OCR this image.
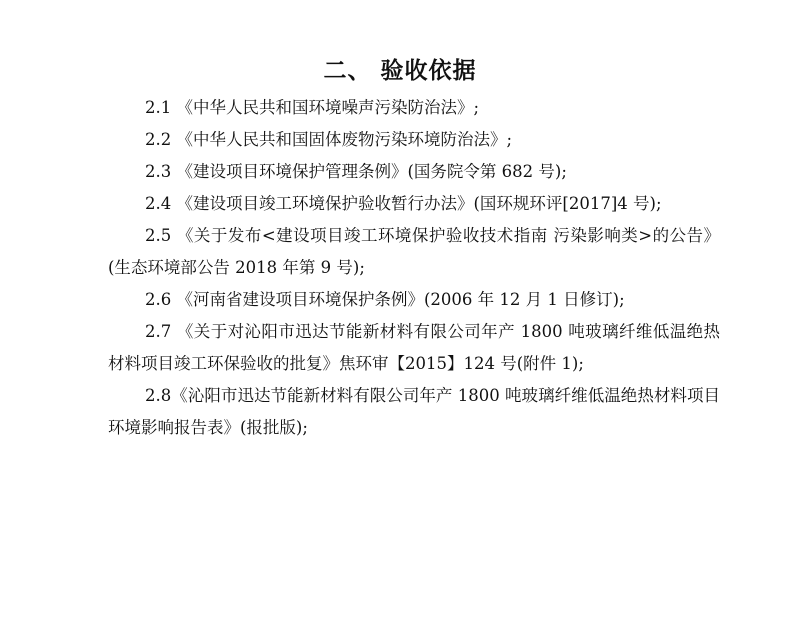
二、 验收依据

2.1 《中华人民共和国环境噪声污染防治法》;

2.2 《中华人民共和国固体废物污染环境防治法》;

2.3 《建设项目环境保护管理条例》(国务院令第 682 号);

2.4 《建设项目竣工环境保护验收暂行办法》(国环规环评[2017]4 号);

2.5 《关于发布<建设项目竣工环境保护验收技术指南 污染影响类>的公告》(生态环境部公告 2018 年第 9 号);

2.6 《河南省建设项目环境保护条例》(2006 年 12 月 1 日修订);

2.7 《关于对沁阳市迅达节能新材料有限公司年产 1800 吨玻璃纤维低温绝热材料项目竣工环保验收的批复》焦环审【2015】124 号(附件 1);

2.8《沁阳市迅达节能新材料有限公司年产 1800 吨玻璃纤维低温绝热材料项目环境影响报告表》(报批版);
